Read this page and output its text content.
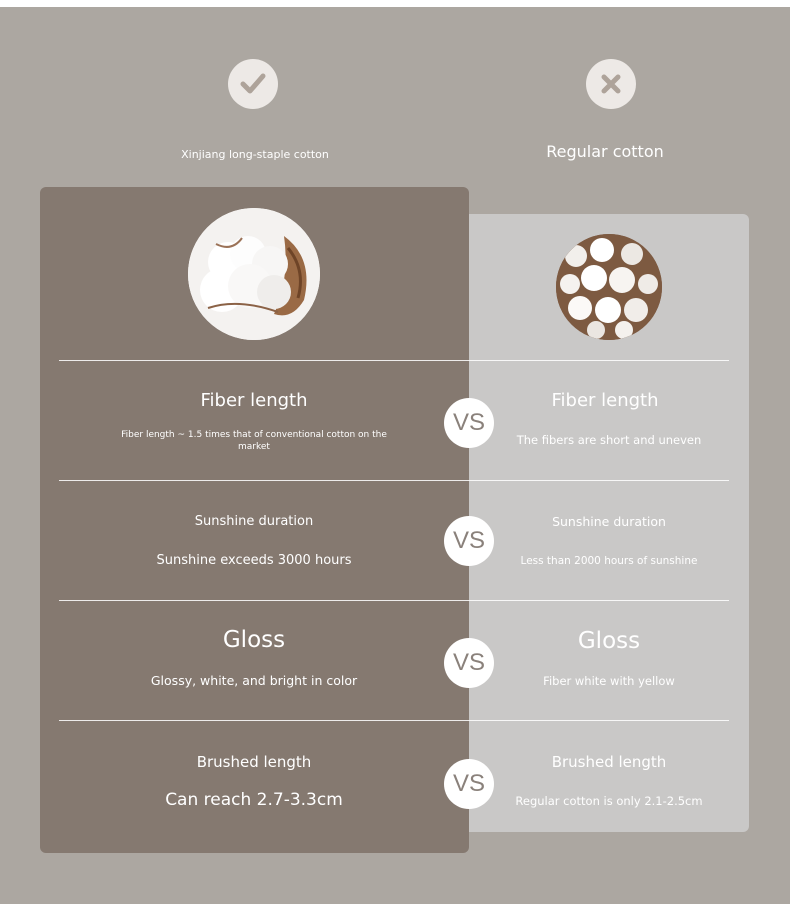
Xinjiang long-staple cotton	Regular cotton
Fiber length
Fiber length ~ 1.5 times that of conventional cotton on the market
Fiber length
The fibers are short and uneven
VS
Sunshine duration
Sunshine exceeds 3000 hours
Sunshine duration
Less than 2000 hours of sunshine
VS
Gloss
Glossy, white, and bright in color
Gloss
Fiber white with yellow
VS
Brushed length
Can reach 2.7-3.3cm
Brushed length
Regular cotton is only 2.1-2.5cm
VS
